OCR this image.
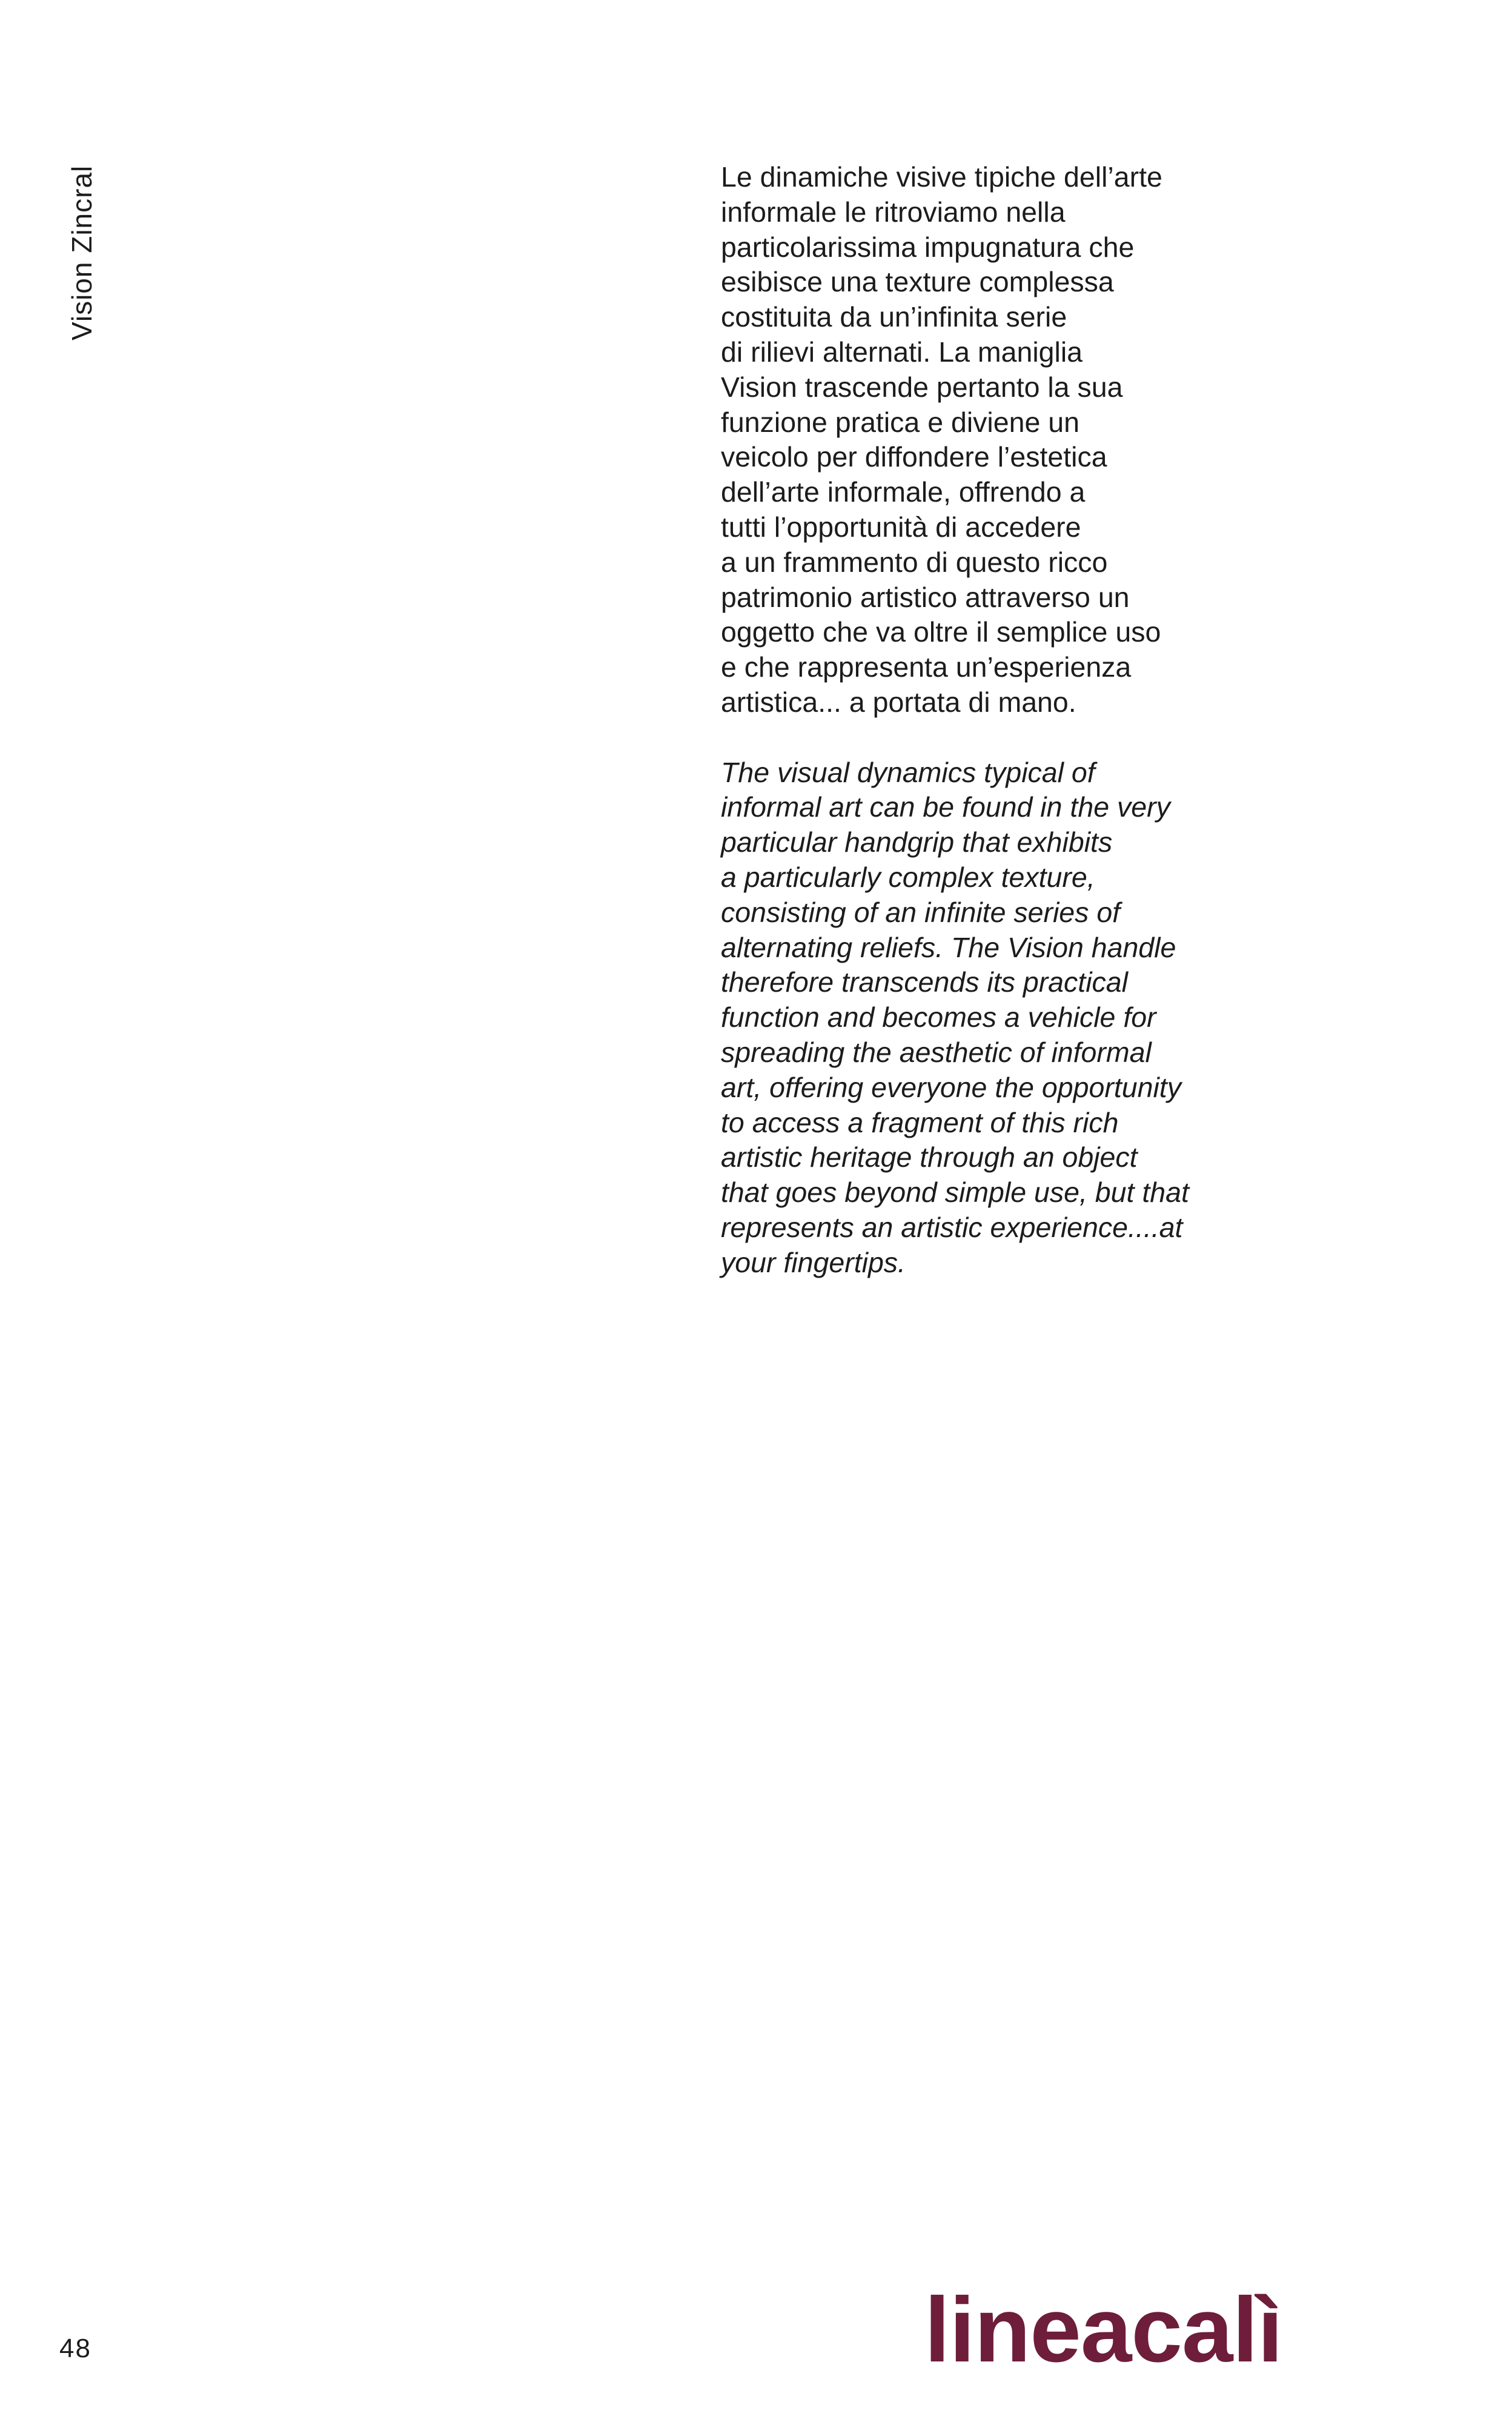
Vision Zincral	Le dinamiche visive tipiche dell’arte
informale le ritroviamo nella
particolarissima impugnatura che
esibisce una texture complessa
costituita da un’infinita serie
di rilievi alternati. La maniglia
Vision trascende pertanto la sua
funzione pratica e diviene un
veicolo per diffondere l’estetica
dell’arte informale, offrendo a
tutti l’opportunità di accedere
a un frammento di questo ricco
patrimonio artistico attraverso un
oggetto che va oltre il semplice uso
e che rappresenta un’esperienza
artistica... a portata di mano.
The visual dynamics typical of
informal art can be found in the very
particular handgrip that exhibits
a particularly complex texture,
consisting of an infinite series of
alternating reliefs. The Vision handle
therefore transcends its practical
function and becomes a vehicle for
spreading the aesthetic of informal
art, offering everyone the opportunity
to access a fragment of this rich
artistic heritage through an object
that goes beyond simple use, but that
represents an artistic experience....at
your fingertips.
48	lineacalì
